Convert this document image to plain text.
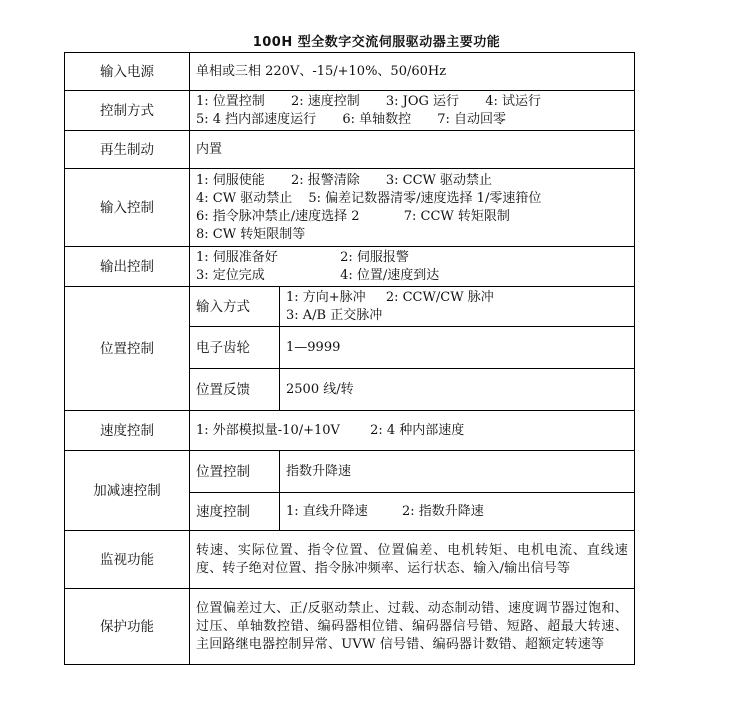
100H 型全数字交流伺服驱动器主要功能
输入电源	单相或三相 220V、-15/+10%、50/60Hz	
控制方式	1: 位置控制 2: 速度控制 3: JOG 运行 4: 试运行
5: 4 挡内部速度运行 6: 单轴数控 7: 自动回零	

再生制动	内置	
输入控制	1: 伺服使能 2: 报警清除 3: CCW 驱动禁止
4: CW 驱动禁止 5: 偏差记数器清零/速度选择 1/零速箝位
6: 指令脉冲禁止/速度选择 2 7: CCW 转矩限制
8: CW 转矩限制等	

输出控制	1: 伺服准备好 2: 伺服报警
3: 定位完成 4: 位置/速度到达	

位置控制	输入方式	1: 方向+脉冲 2: CCW/CW 脉冲
3: A/B 正交脉冲

	电子齿轮	1—9999
	位置反馈	2500 线/转
速度控制	1: 外部模拟量-10/+10V 2: 4 种内部速度	

加减速控制	位置控制	指数升降速
	速度控制	1: 直线升降速 2: 指数升降速

监视功能	转速、实际位置、指令位置、位置偏差、电机转矩、电机电流、直线速度、转子绝对位置、指令脉冲频率、运行状态、输入/输出信号等	
保护功能	位置偏差过大、正/反驱动禁止、过载、动态制动错、速度调节器过饱和、过压、单轴数控错、编码器相位错、编码器信号错、短路、超最大转速、主回路继电器控制异常、UVW 信号错、编码器计数错、超额定转速等	
